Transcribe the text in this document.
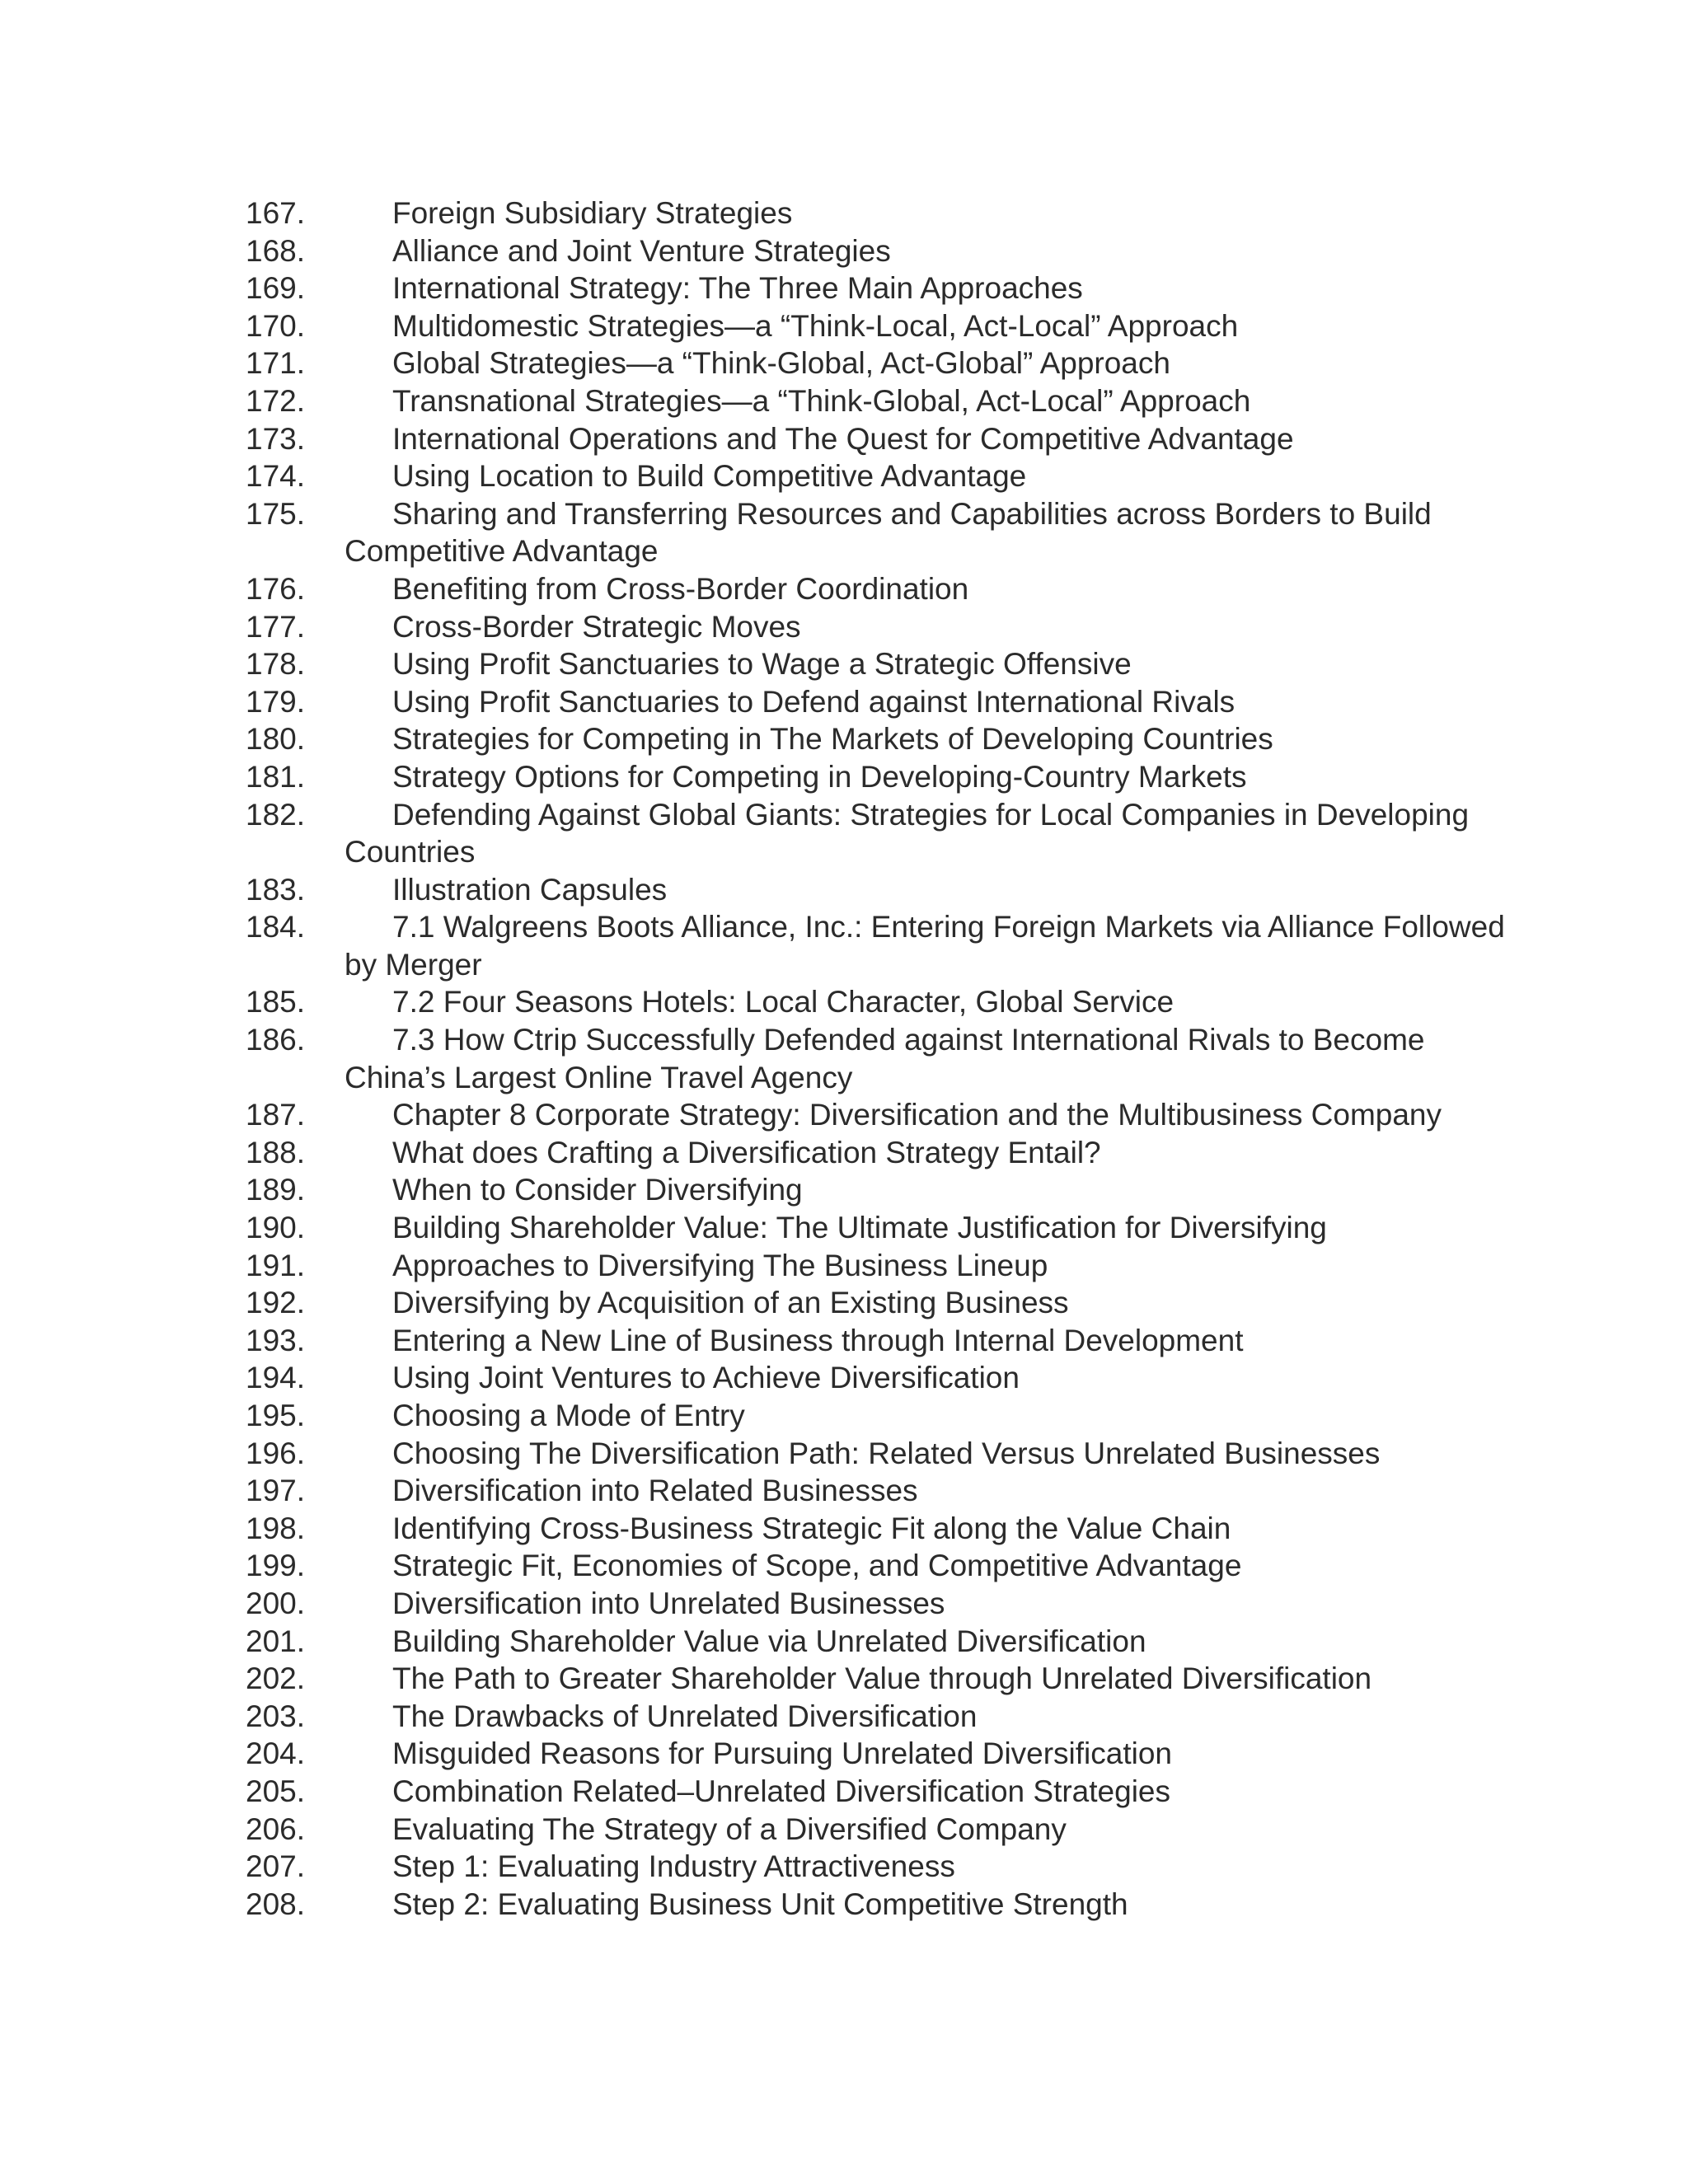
167.	Foreign Subsidiary Strategies
168.	Alliance and Joint Venture Strategies
169.	International Strategy: The Three Main Approaches
170.	Multidomestic Strategies—a “Think-Local, Act-Local” Approach
171.	Global Strategies—a “Think-Global, Act-Global” Approach
172.	Transnational Strategies—a “Think-Global, Act-Local” Approach
173.	International Operations and The Quest for Competitive Advantage
174.	Using Location to Build Competitive Advantage
175.	Sharing and Transferring Resources and Capabilities across Borders to Build Competitive Advantage
176.	Benefiting from Cross-Border Coordination
177.	Cross-Border Strategic Moves
178.	Using Profit Sanctuaries to Wage a Strategic Offensive
179.	Using Profit Sanctuaries to Defend against International Rivals
180.	Strategies for Competing in The Markets of Developing Countries
181.	Strategy Options for Competing in Developing-Country Markets
182.	Defending Against Global Giants: Strategies for Local Companies in Developing Countries
183.	Illustration Capsules
184.	7.1 Walgreens Boots Alliance, Inc.: Entering Foreign Markets via Alliance Followed by Merger
185.	7.2 Four Seasons Hotels: Local Character, Global Service
186.	7.3 How Ctrip Successfully Defended against International Rivals to Become China’s Largest Online Travel Agency
187.	Chapter 8 Corporate Strategy: Diversification and the Multibusiness Company
188.	What does Crafting a Diversification Strategy Entail?
189.	When to Consider Diversifying
190.	Building Shareholder Value: The Ultimate Justification for Diversifying
191.	Approaches to Diversifying The Business Lineup
192.	Diversifying by Acquisition of an Existing Business
193.	Entering a New Line of Business through Internal Development
194.	Using Joint Ventures to Achieve Diversification
195.	Choosing a Mode of Entry
196.	Choosing The Diversification Path: Related Versus Unrelated Businesses
197.	Diversification into Related Businesses
198.	Identifying Cross-Business Strategic Fit along the Value Chain
199.	Strategic Fit, Economies of Scope, and Competitive Advantage
200.	Diversification into Unrelated Businesses
201.	Building Shareholder Value via Unrelated Diversification
202.	The Path to Greater Shareholder Value through Unrelated Diversification
203.	The Drawbacks of Unrelated Diversification
204.	Misguided Reasons for Pursuing Unrelated Diversification
205.	Combination Related–Unrelated Diversification Strategies
206.	Evaluating The Strategy of a Diversified Company
207.	Step 1: Evaluating Industry Attractiveness
208.	Step 2: Evaluating Business Unit Competitive Strength
